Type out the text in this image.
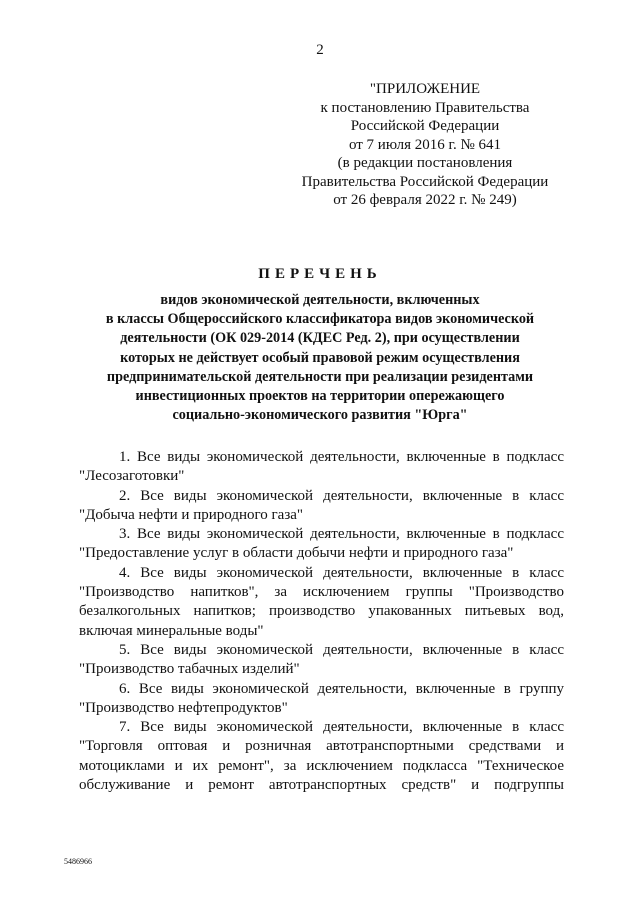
2
"ПРИЛОЖЕНИЕ
к постановлению Правительства
Российской Федерации
от 7 июля 2016 г. № 641
(в редакции постановления
Правительства Российской Федерации
от 26 февраля 2022 г. № 249)
ПЕРЕЧЕНЬ
видов экономической деятельности, включенных
в классы Общероссийского классификатора видов экономической
деятельности (ОК 029-2014 (КДЕС Ред. 2), при осуществлении
которых не действует особый правовой режим осуществления
предпринимательской деятельности при реализации резидентами
инвестиционных проектов на территории опережающего
социально-экономического развития "Юрга"
1. Все виды экономической деятельности, включенные в подкласс
"Лесозаготовки"
2. Все виды экономической деятельности, включенные в класс
"Добыча нефти и природного газа"
3. Все виды экономической деятельности, включенные в подкласс
"Предоставление услуг в области добычи нефти и природного газа"
4. Все виды экономической деятельности, включенные в класс
"Производство напитков", за исключением группы "Производство
безалкогольных напитков; производство упакованных питьевых вод,
включая минеральные воды"
5. Все виды экономической деятельности, включенные в класс
"Производство табачных изделий"
6. Все виды экономической деятельности, включенные в группу
"Производство нефтепродуктов"
7. Все виды экономической деятельности, включенные в класс
"Торговля оптовая и розничная автотранспортными средствами и
мотоциклами и их ремонт", за исключением подкласса "Техническое
обслуживание и ремонт автотранспортных средств" и подгруппы
5486966
